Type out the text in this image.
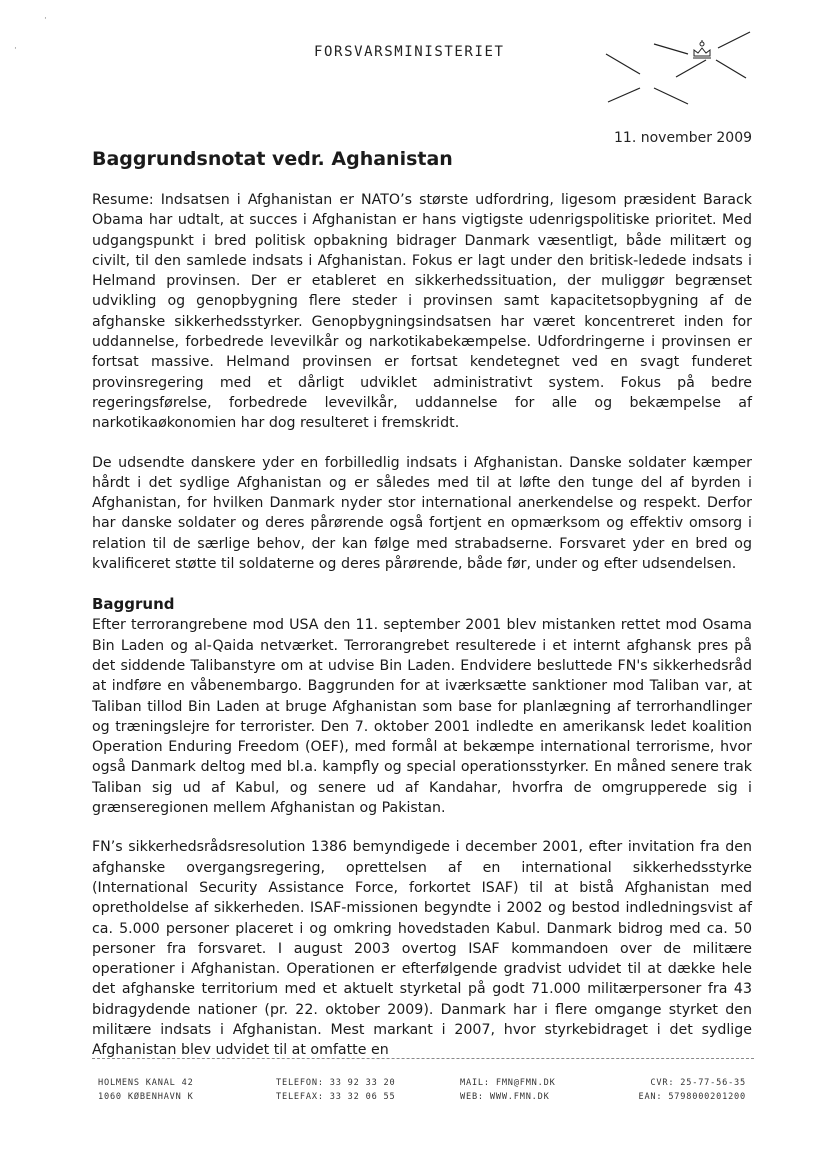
·
·	FORSVARSMINISTERIET
11. november 2009
Baggrundsnotat vedr. Aghanistan

Resume: Indsatsen i Afghanistan er NATO’s største udfordring, ligesom præsident Barack Obama har udtalt, at succes i Afghanistan er hans vigtigste udenrigspolitiske prioritet. Med udgangspunkt i bred politisk opbakning bidrager Danmark væsentligt, både militært og civilt, til den samlede indsats i Afghanistan. Fokus er lagt under den britisk-ledede indsats i Helmand provinsen. Der er etableret en sikkerhedssituation, der muliggør begrænset udvikling og genopbygning flere steder i provinsen samt kapacitetsopbygning af de afghanske sikkerhedsstyrker. Genopbygningsindsatsen har været koncentreret inden for uddannelse, forbedrede levevilkår og narkotikabekæmpelse. Udfordringerne i provinsen er fortsat massive. Helmand provinsen er fortsat kendetegnet ved en svagt funderet provinsregering med et dårligt udviklet administrativt system. Fokus på bedre regeringsførelse, forbedrede levevilkår, uddannelse for alle og bekæmpelse af narkotikaøkonomien har dog resulteret i fremskridt.

De udsendte danskere yder en forbilledlig indsats i Afghanistan. Danske soldater kæmper hårdt i det sydlige Afghanistan og er således med til at løfte den tunge del af byrden i Afghanistan, for hvilken Danmark nyder stor international anerkendelse og respekt. Derfor har danske soldater og deres pårørende også fortjent en opmærksom og effektiv omsorg i relation til de særlige behov, der kan følge med strabadserne. Forsvaret yder en bred og kvalificeret støtte til soldaterne og deres pårørende, både før, under og efter udsendelsen.

Baggrund

Efter terrorangrebene mod USA den 11. september 2001 blev mistanken rettet mod Osama Bin Laden og al-Qaida netværket. Terrorangrebet resulterede i et internt afghansk pres på det siddende Talibanstyre om at udvise Bin Laden. Endvidere besluttede FN's sikkerhedsråd at indføre en våbenembargo. Baggrunden for at iværksætte sanktioner mod Taliban var, at Taliban tillod Bin Laden at bruge Afghanistan som base for planlægning af terrorhandlinger og træningslejre for terrorister. Den 7. oktober 2001 indledte en amerikansk ledet koalition Operation Enduring Freedom (OEF), med formål at bekæmpe international terrorisme, hvor også Danmark deltog med bl.a. kampfly og special operationsstyrker. En måned senere trak Taliban sig ud af Kabul, og senere ud af Kandahar, hvorfra de omgrupperede sig i grænseregionen mellem Afghanistan og Pakistan.

FN’s sikkerhedsrådsresolution 1386 bemyndigede i december 2001, efter invitation fra den afghanske overgangsregering, oprettelsen af en international sikkerhedsstyrke (International Security Assistance Force, forkortet ISAF) til at bistå Afghanistan med opretholdelse af sikkerheden. ISAF-missionen begyndte i 2002 og bestod indledningsvist af ca. 5.000 personer placeret i og omkring hovedstaden Kabul. Danmark bidrog med ca. 50 personer fra forsvaret. I august 2003 overtog ISAF kommandoen over de militære operationer i Afghanistan. Operationen er efterfølgende gradvist udvidet til at dække hele det afghanske territorium med et aktuelt styrketal på godt 71.000 militærpersoner fra 43 bidragydende nationer (pr. 22. oktober 2009). Danmark har i flere omgange styrket den militære indsats i Afghanistan. Mest markant i 2007, hvor styrkebidraget i det sydlige Afghanistan blev udvidet til at omfatte en

HOLMENS KANAL 42
1060 KØBENHAVN K
TELEFON: 33 92 33 20
TELEFAX: 33 32 06 55
MAIL: FMN@FMN.DK
WEB: WWW.FMN.DK
CVR: 25-77-56-35
EAN: 5798000201200
